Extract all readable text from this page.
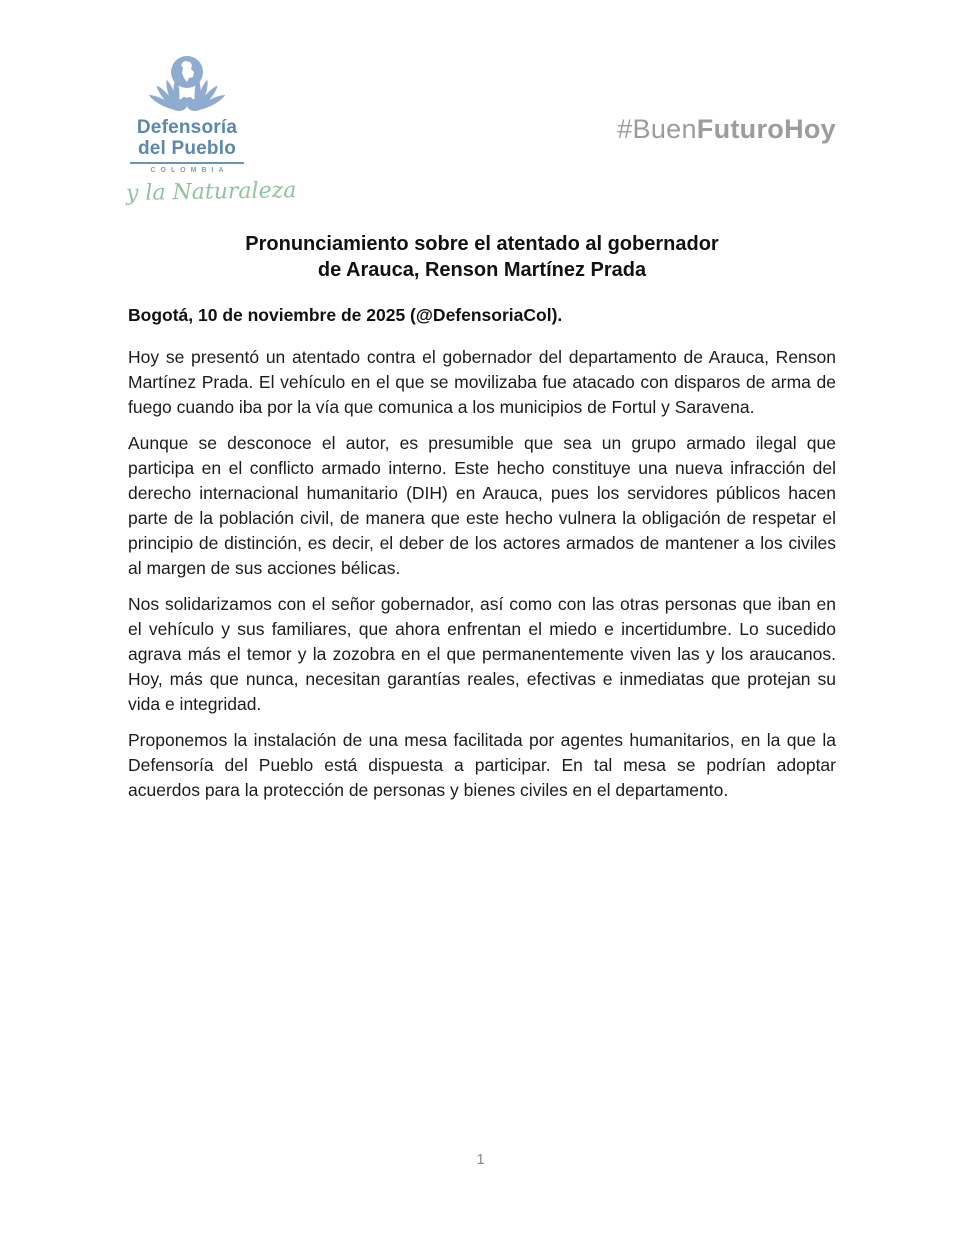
Defensoría
del Pueblo
COLOMBIA
y la Naturaleza
#BuenFuturoHoy
Pronunciamiento sobre el atentado al gobernador
de Arauca, Renson Martínez Prada

Bogotá, 10 de noviembre de 2025 (@DefensoriaCol).

Hoy se presentó un atentado contra el gobernador del departamento de Arauca, Renson Martínez Prada. El vehículo en el que se movilizaba fue atacado con disparos de arma de fuego cuando iba por la vía que comunica a los municipios de Fortul y Saravena.

Aunque se desconoce el autor, es presumible que sea un grupo armado ilegal que participa en el conflicto armado interno. Este hecho constituye una nueva infracción del derecho internacional humanitario (DIH) en Arauca, pues los servidores públicos hacen parte de la población civil, de manera que este hecho vulnera la obligación de respetar el principio de distinción, es decir, el deber de los actores armados de mantener a los civiles al margen de sus acciones bélicas.

Nos solidarizamos con el señor gobernador, así como con las otras personas que iban en el vehículo y sus familiares, que ahora enfrentan el miedo e incertidumbre. Lo sucedido agrava más el temor y la zozobra en el que permanentemente viven las y los araucanos. Hoy, más que nunca, necesitan garantías reales, efectivas e inmediatas que protejan su vida e integridad.

Proponemos la instalación de una mesa facilitada por agentes humanitarios, en la que la Defensoría del Pueblo está dispuesta a participar. En tal mesa se podrían adoptar acuerdos para la protección de personas y bienes civiles en el departamento.

1
